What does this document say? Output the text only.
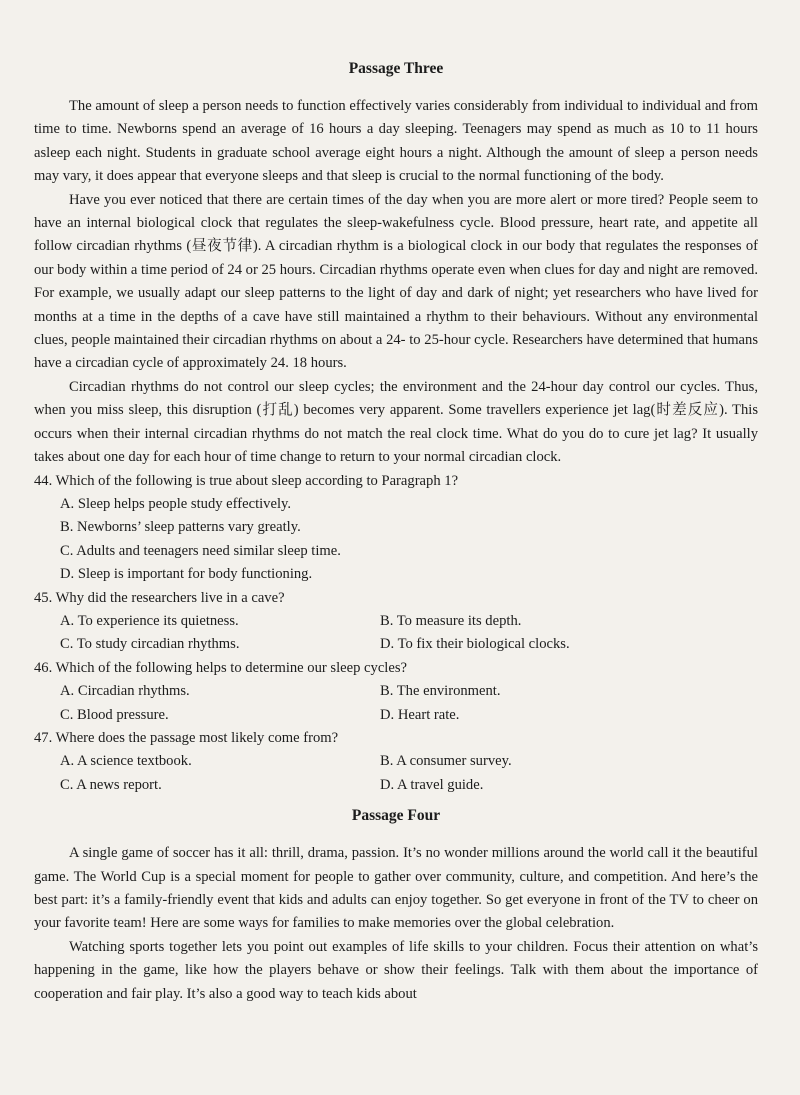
Passage Three

The amount of sleep a person needs to function effectively varies considerably from individual to individual and from time to time. Newborns spend an average of 16 hours a day sleeping. Teenagers may spend as much as 10 to 11 hours asleep each night. Students in graduate school average eight hours a night. Although the amount of sleep a person needs may vary, it does appear that everyone sleeps and that sleep is crucial to the normal functioning of the body.

Have you ever noticed that there are certain times of the day when you are more alert or more tired? People seem to have an internal biological clock that regulates the sleep-wakefulness cycle. Blood pressure, heart rate, and appetite all follow circadian rhythms (昼夜节律). A circadian rhythm is a biological clock in our body that regulates the responses of our body within a time period of 24 or 25 hours. Circadian rhythms operate even when clues for day and night are removed. For example, we usually adapt our sleep patterns to the light of day and dark of night; yet researchers who have lived for months at a time in the depths of a cave have still maintained a rhythm to their behaviours. Without any environmental clues, people maintained their circadian rhythms on about a 24- to 25-hour cycle. Researchers have determined that humans have a circadian cycle of approximately 24. 18 hours.

Circadian rhythms do not control our sleep cycles; the environment and the 24-hour day control our cycles. Thus, when you miss sleep, this disruption (打乱) becomes very apparent. Some travellers experience jet lag(时差反应). This occurs when their internal circadian rhythms do not match the real clock time. What do you do to cure jet lag? It usually takes about one day for each hour of time change to return to your normal circadian clock.

44. Which of the following is true about sleep according to Paragraph 1?

A. Sleep helps people study effectively.

B. Newborns’ sleep patterns vary greatly.

C. Adults and teenagers need similar sleep time.

D. Sleep is important for body functioning.

45. Why did the researchers live in a cave?

A. To experience its quietness.	B. To measure its depth.

C. To study circadian rhythms.	D. To fix their biological clocks.

46. Which of the following helps to determine our sleep cycles?

A. Circadian rhythms.	B. The environment.

C. Blood pressure.	D. Heart rate.

47. Where does the passage most likely come from?

A. A science textbook.	B. A consumer survey.

C. A news report.	D. A travel guide.

Passage Four

A single game of soccer has it all: thrill, drama, passion. It’s no wonder millions around the world call it the beautiful game. The World Cup is a special moment for people to gather over community, culture, and competition. And here’s the best part: it’s a family-friendly event that kids and adults can enjoy together. So get everyone in front of the TV to cheer on your favorite team! Here are some ways for families to make memories over the global celebration.

Watching sports together lets you point out examples of life skills to your children. Focus their attention on what’s happening in the game, like how the players behave or show their feelings. Talk with them about the importance of cooperation and fair play. It’s also a good way to teach kids about
